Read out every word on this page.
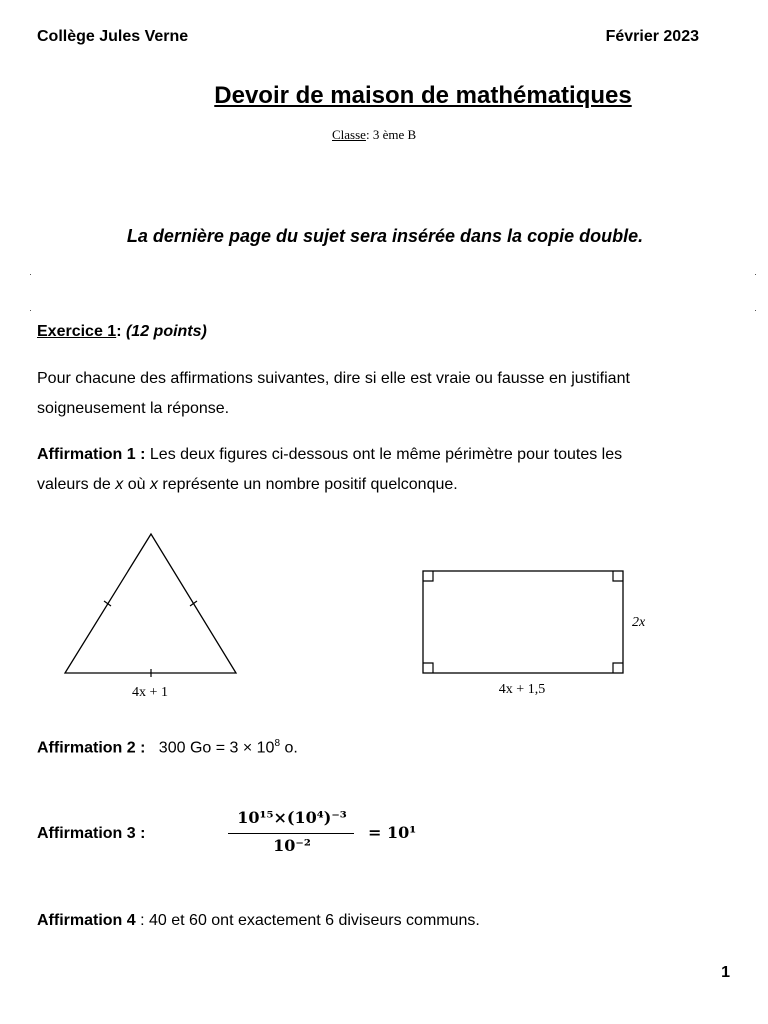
Collège Jules Verne	Février 2023
Devoir de maison de mathématiques
Classe: 3 ème B
La dernière page du sujet sera insérée dans la copie double.
Exercice 1: (12 points)
Pour chacune des affirmations suivantes, dire si elle est vraie ou fausse en justifiant
soigneusement la réponse.
Affirmation 1 : Les deux figures ci-dessous ont le même périmètre pour toutes les
valeurs de x où x représente un nombre positif quelconque.
4x + 1	4x + 1,5
2x
Affirmation 2 : 300 $Go = 3 \times 10^8$ o.
Affirmation 3 :
10¹⁵×(10⁴)⁻³
10⁻²
= 10¹
Affirmation 4 : 40 et 60 ont exactement 6 diviseurs communs.
1
